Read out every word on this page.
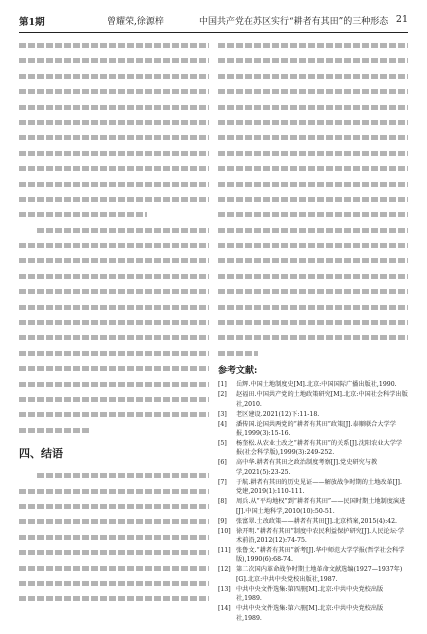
第1期	曾耀荣,徐源梓	中国共产党在苏区实行“耕者有其田”的三种形态 21
四、结语
参考文献:
[1] 岳辉.中国土地制度史[M].北京:中国国际广播出版社,1990.
[2] 赵福田.中国共产党的土地政策研究[M].北京:中国社会科学出版社,2010.
[3] 老区建设.2021(12)下:11-18.
[4] 潘传国.论国共两党的“耕者有其田”政策[J].泰顺联合大学学报,1999(3):15-16.
[5] 杨奎松.从农业土改之“耕者有其田”的关系[J].沈阳农业大学学报(社会科学版),1999(3):249-252.
[6] 高中华.耕者有其田之政治制度考察[J].党史研究与教学,2021(5):23-25.
[7] 于航.耕者有其田的历史见证——解放战争时期的土地改革[J].党建,2019(1):110-111.
[8] 周兵.从“平均地权”到“耕者有其田”——民国时期土地制度演进[J].中国土地科学,2010(10):50-51.
[9] 张富翠.土改政策——耕者有其田[J].北京档案,2015(4):42.
[10] 徐开明.“耕者有其田”制度中农民利益保护研究[J].人民论坛·学术前沿,2012(12):74-75.
[11] 张鲁文.“耕者有其田”新考[J].华中师范大学学报(哲学社会科学版),1990(6):68-74.
[12] 第二次国内革命战争时期土地革命文献选编(1927—1937年)[G].北京:中共中央党校出版社,1987.
[13] 中共中央文件选集:第四册[M].北京:中共中央党校出版社,1989.
[14] 中共中央文件选集:第六册[M].北京:中共中央党校出版社,1989.
